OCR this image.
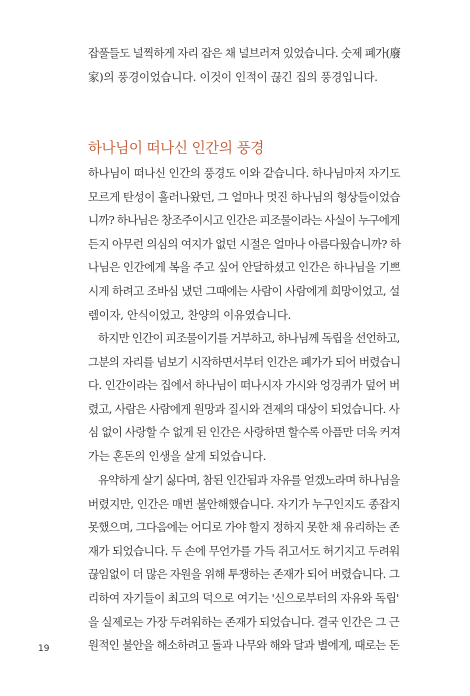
잡풀들도 널찍하게 자리 잡은 채 널브러져 있었습니다. 숫제 폐가(廢
家)의 풍경이었습니다. 이것이 인적이 끊긴 집의 풍경입니다.

하나님이 떠나신 인간의 풍경

하나님이 떠나신 인간의 풍경도 이와 같습니다. 하나님마저 자기도
모르게 탄성이 흘러나왔던, 그 얼마나 멋진 하나님의 형상들이었습
니까? 하나님은 창조주이시고 인간은 피조물이라는 사실이 누구에게
든지 아무런 의심의 여지가 없던 시절은 얼마나 아름다웠습니까? 하
나님은 인간에게 복을 주고 싶어 안달하셨고 인간은 하나님을 기쁘
시게 하려고 조바심 냈던 그때에는 사람이 사람에게 희망이었고, 설
렘이자, 안식이었고, 찬양의 이유였습니다.

하지만 인간이 피조물이기를 거부하고, 하나님께 독립을 선언하고,
그분의 자리를 넘보기 시작하면서부터 인간은 폐가가 되어 버렸습니
다. 인간이라는 집에서 하나님이 떠나시자 가시와 엉겅퀴가 덮어 버
렸고, 사람은 사람에게 원망과 질시와 견제의 대상이 되었습니다. 사
심 없이 사랑할 수 없게 된 인간은 사랑하면 할수록 아픔만 더욱 커져
가는 혼돈의 인생을 살게 되었습니다.

유약하게 살기 싫다며, 참된 인간됨과 자유를 얻겠노라며 하나님을
버렸지만, 인간은 매번 불안해했습니다. 자기가 누구인지도 종잡지
못했으며, 그다음에는 어디로 가야 할지 정하지 못한 채 유리하는 존
재가 되었습니다. 두 손에 무언가를 가득 쥐고서도 허기지고 두려워
끊임없이 더 많은 자원을 위해 투쟁하는 존재가 되어 버렸습니다. 그
리하여 자기들이 최고의 덕으로 여기는 '신으로부터의 자유와 독립'
을 실제로는 가장 두려워하는 존재가 되었습니다. 결국 인간은 그 근
원적인 불안을 해소하려고 돌과 나무와 해와 달과 별에게, 때로는 돈

19
